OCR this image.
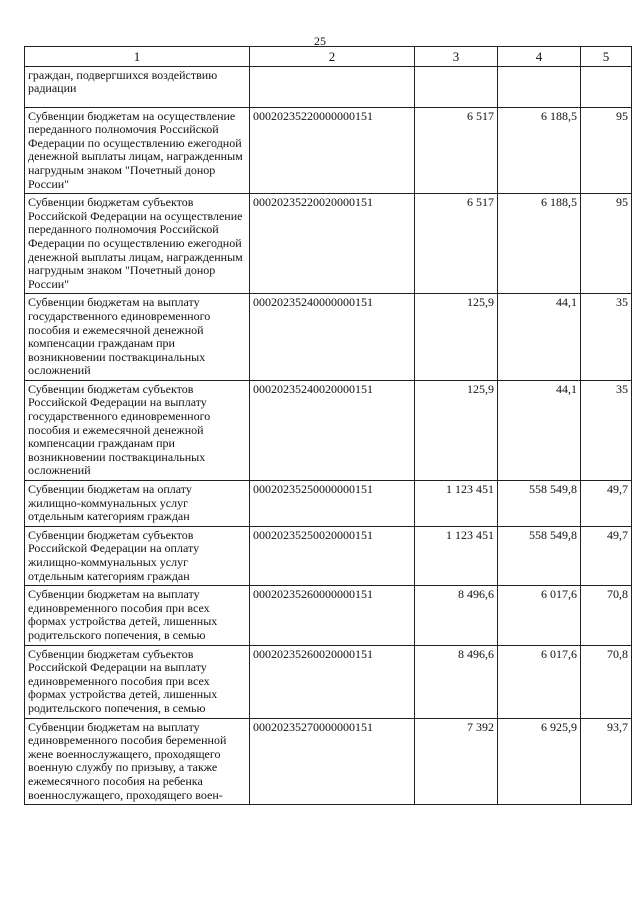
25
1	2	3	4	5
граждан, подвергшихся воздействию радиации				
Субвенции бюджетам на осуществление переданного полномочия Российской Федерации по осуществлению ежегодной денежной выплаты лицам, награжденным нагрудным знаком "Почетный донор России"	00020235220000000151	6 517	6 188,5	95
Субвенции бюджетам субъектов Российской Федерации на осуществление переданного полномочия Российской Федерации по осуществлению ежегодной денежной выплаты лицам, награжденным нагрудным знаком "Почетный донор России"	00020235220020000151	6 517	6 188,5	95
Субвенции бюджетам на выплату государственного единовременного пособия и ежемесячной денежной компенсации гражданам при возникновении поствакцинальных осложнений	00020235240000000151	125,9	44,1	35
Субвенции бюджетам субъектов Российской Федерации на выплату государственного единовременного пособия и ежемесячной денежной компенсации гражданам при возникновении поствакцинальных осложнений	00020235240020000151	125,9	44,1	35
Субвенции бюджетам на оплату жилищно-коммунальных услуг отдельным категориям граждан	00020235250000000151	1 123 451	558 549,8	49,7
Субвенции бюджетам субъектов Российской Федерации на оплату жилищно-коммунальных услуг отдельным категориям граждан	00020235250020000151	1 123 451	558 549,8	49,7
Субвенции бюджетам на выплату единовременного пособия при всех формах устройства детей, лишенных родительского попечения, в семью	00020235260000000151	8 496,6	6 017,6	70,8
Субвенции бюджетам субъектов Российской Федерации на выплату единовременного пособия при всех формах устройства детей, лишенных родительского попечения, в семью	00020235260020000151	8 496,6	6 017,6	70,8
Субвенции бюджетам на выплату единовременного пособия беременной жене военнослужащего, проходящего военную службу по призыву, а также ежемесячного пособия на ребенка военнослужащего, проходящего воен-	00020235270000000151	7 392	6 925,9	93,7
